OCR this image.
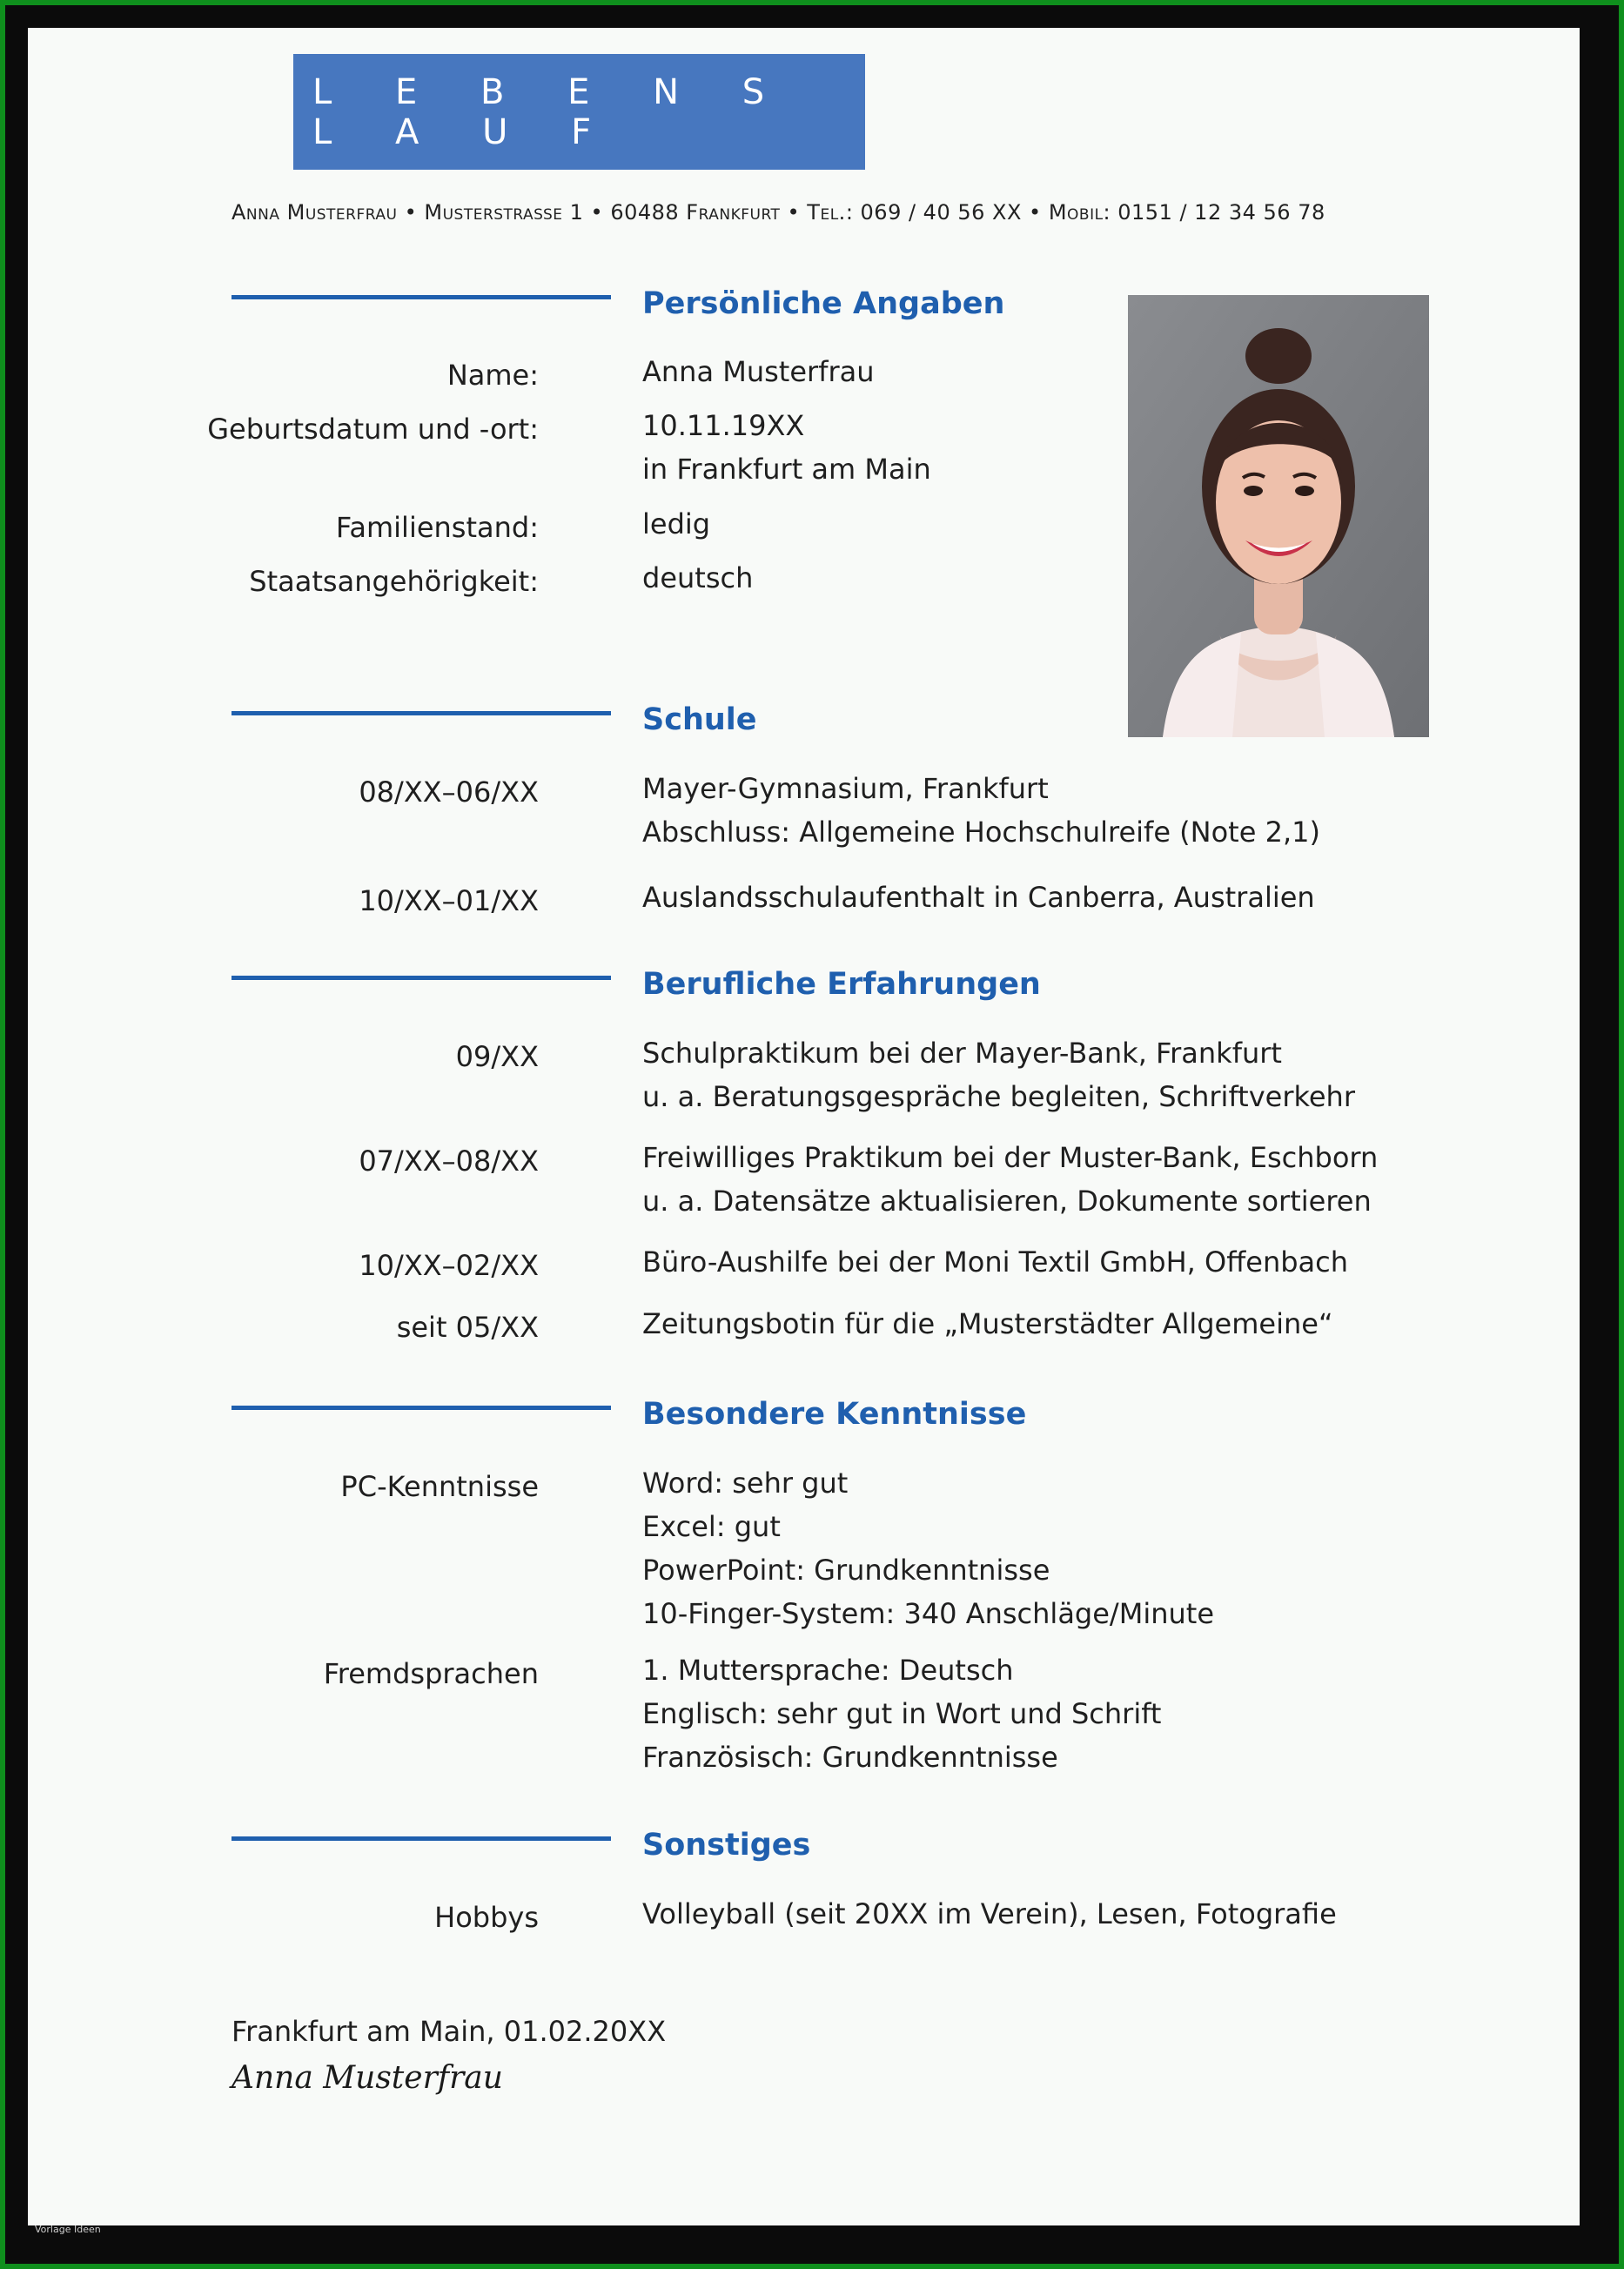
L E B E N S L A U F
Anna Musterfrau • Musterstraße 1 • 60488 Frankfurt • Tel.: 069 / 40 56 XX • Mobil: 0151 / 12 34 56 78
Persönliche Angaben
Name:	Anna Musterfrau
Geburtsdatum und -ort:	10.11.19XX
in Frankfurt am Main
Familienstand:	ledig
Staatsangehörigkeit:	deutsch
Schule
08/XX–06/XX	Mayer-Gymnasium, Frankfurt
Abschluss: Allgemeine Hochschulreife (Note 2,1)
10/XX–01/XX	Auslandsschulaufenthalt in Canberra, Australien
Berufliche Erfahrungen
09/XX	Schulpraktikum bei der Mayer-Bank, Frankfurt
u. a. Beratungsgespräche begleiten, Schriftverkehr
07/XX–08/XX	Freiwilliges Praktikum bei der Muster-Bank, Eschborn
u. a. Datensätze aktualisieren, Dokumente sortieren
10/XX–02/XX	Büro-Aushilfe bei der Moni Textil GmbH, Offenbach
seit 05/XX	Zeitungsbotin für die „Musterstädter Allgemeine“
Besondere Kenntnisse
PC-Kenntnisse	Word: sehr gut
Excel: gut
PowerPoint: Grundkenntnisse
10-Finger-System: 340 Anschläge/Minute
Fremdsprachen	1. Muttersprache: Deutsch
Englisch: sehr gut in Wort und Schrift
Französisch: Grundkenntnisse
Sonstiges
Hobbys	Volleyball (seit 20XX im Verein), Lesen, Fotografie
Frankfurt am Main, 01.02.20XX
Anna Musterfrau
Vorlage Ideen
